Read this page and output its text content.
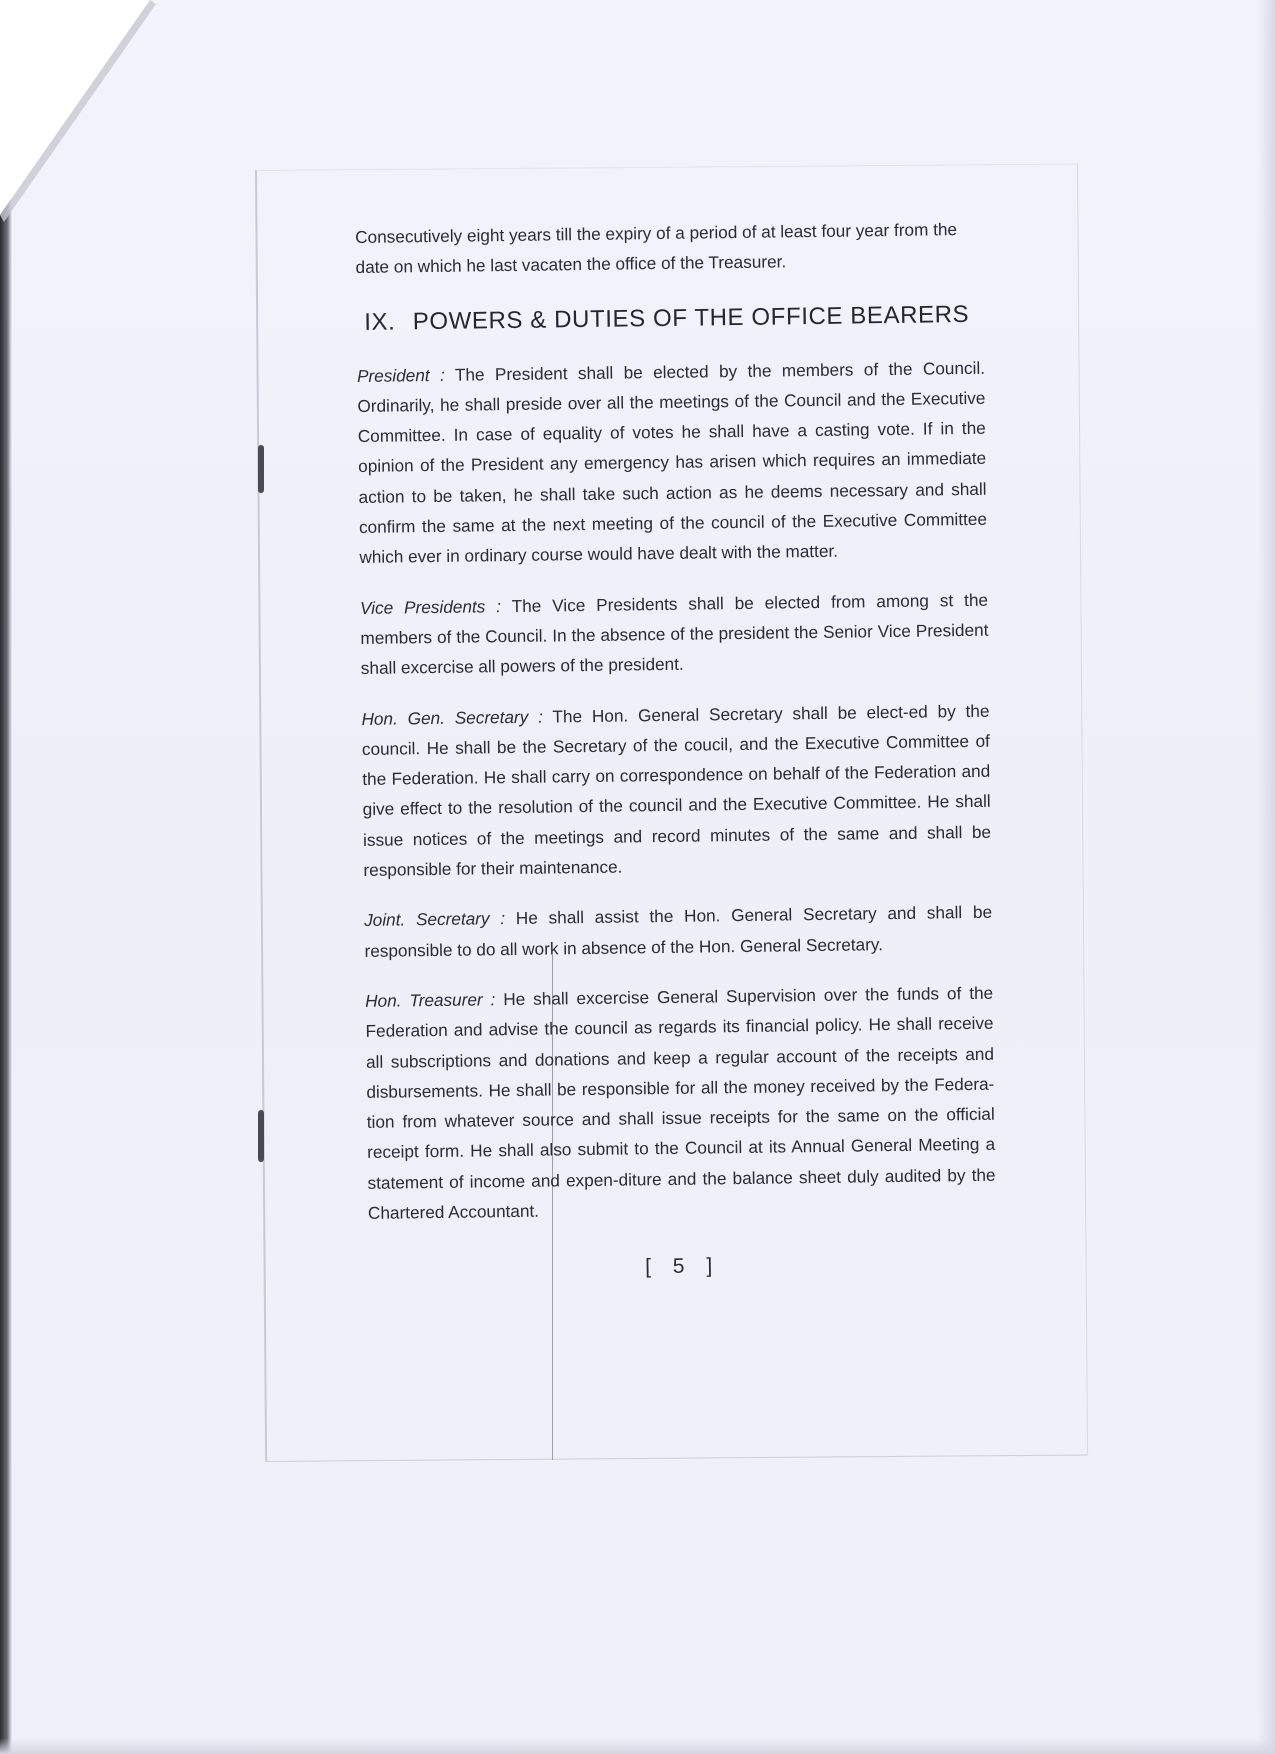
Consecutively eight years till the expiry of a period of at least four year from the date on which he last vacaten the office of the Treasurer.

IX. POWERS & DUTIES OF THE OFFICE BEARERS

President : The President shall be elected by the members of the Council. Ordinarily, he shall preside over all the meetings of the Council and the Executive Committee. In case of equality of votes he shall have a casting vote. If in the opinion of the President any emergency has arisen which requires an immediate action to be taken, he shall take such action as he deems necessary and shall confirm the same at the next meeting of the council of the Executive Committee which ever in ordinary course would have dealt with the matter.

Vice Presidents : The Vice Presidents shall be elected from among st the members of the Council. In the absence of the president the Senior Vice President shall excercise all powers of the president.

Hon. Gen. Secretary : The Hon. General Secretary shall be elect-ed by the council. He shall be the Secretary of the coucil, and the Executive Committee of the Federation. He shall carry on correspondence on behalf of the Federation and give effect to the resolution of the council and the Executive Committee. He shall issue notices of the meetings and record minutes of the same and shall be responsible for their maintenance.

Joint. Secretary : He shall assist the Hon. General Secretary and shall be responsible to do all work in absence of the Hon. General Secretary.

Hon. Treasurer : He shall excercise General Supervision over the funds of the Federation and advise the council as regards its financial policy. He shall receive all subscriptions and donations and keep a regular account of the receipts and disbursements. He shall be responsible for all the money received by the Federa-tion from whatever source and shall issue receipts for the same on the official receipt form. He shall also submit to the Council at its Annual General Meeting a statement of income and expen-diture and the balance sheet duly audited by the Chartered Accountant.

[ 5 ]
